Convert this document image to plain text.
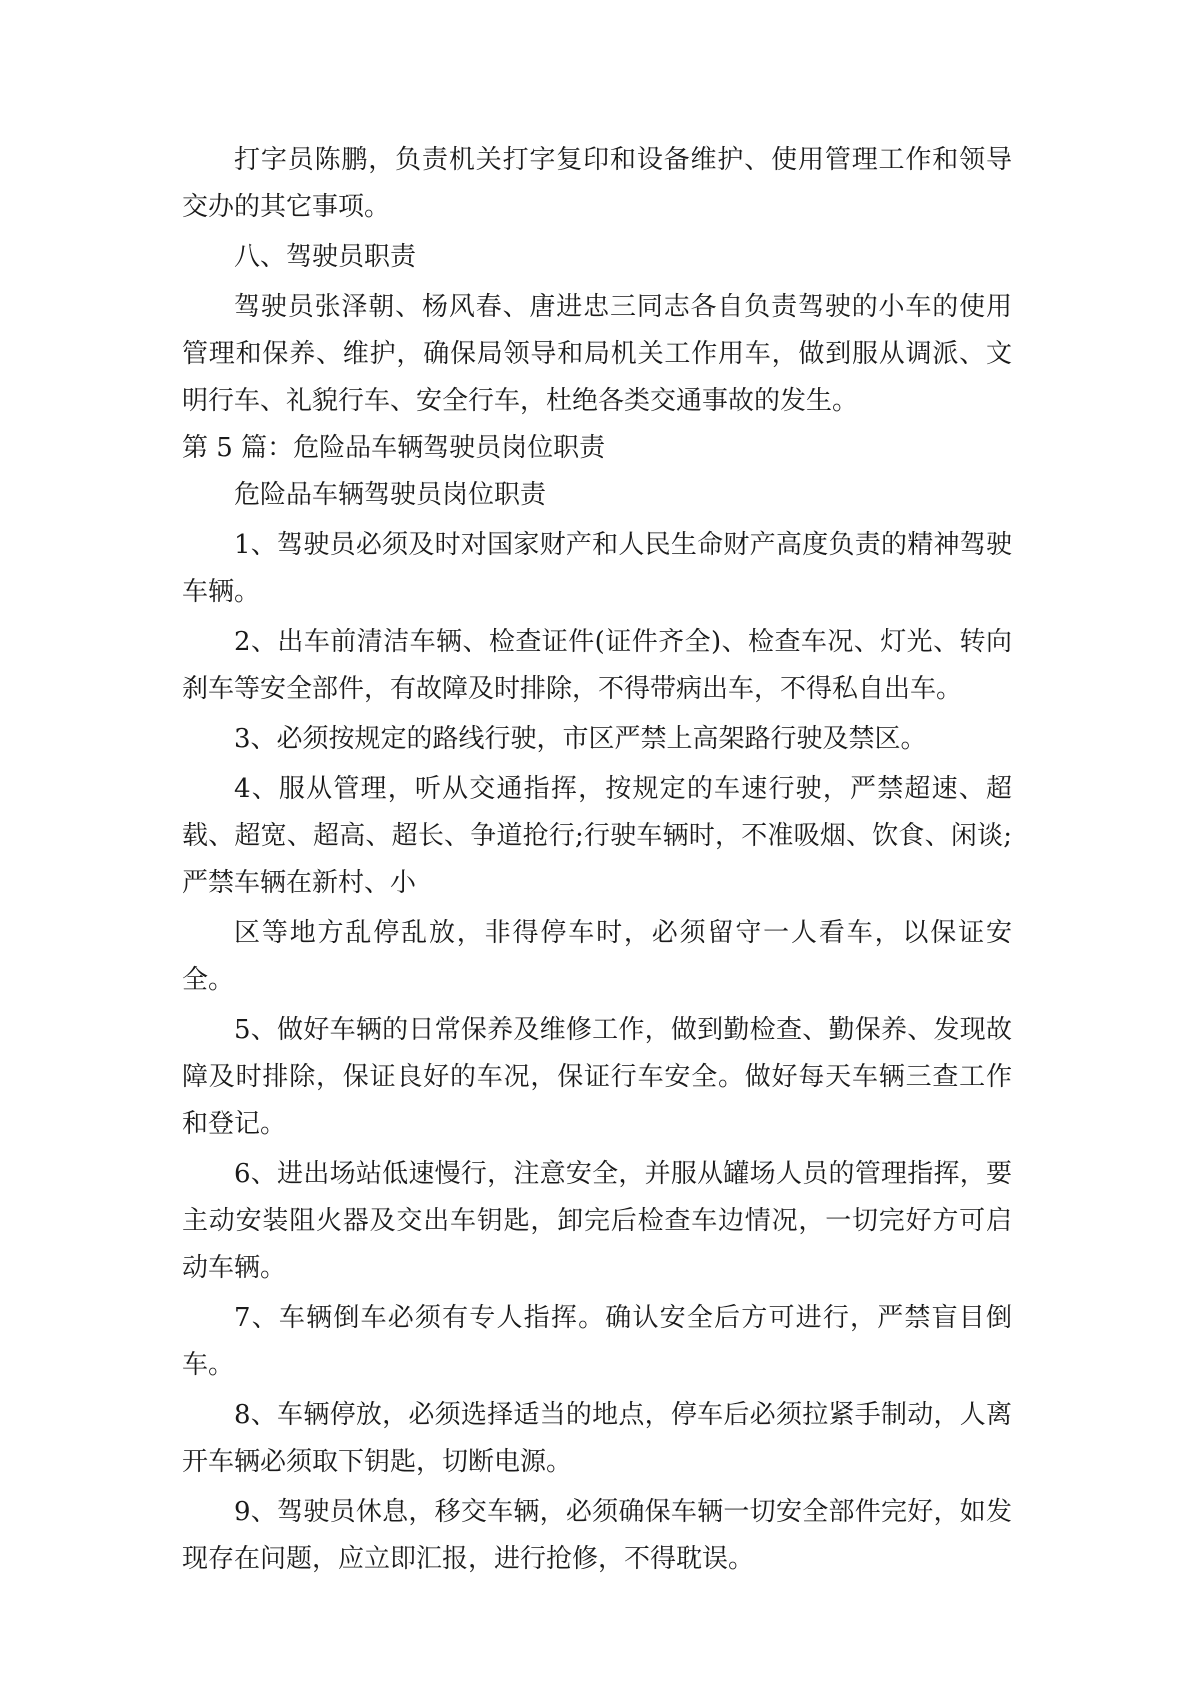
打字员陈鹏，负责机关打字复印和设备维护、使用管理工作和领导交办的其它事项。

八、驾驶员职责

驾驶员张泽朝、杨风春、唐进忠三同志各自负责驾驶的小车的使用管理和保养、维护，确保局领导和局机关工作用车，做到服从调派、文明行车、礼貌行车、安全行车，杜绝各类交通事故的发生。

第 5 篇：危险品车辆驾驶员岗位职责

危险品车辆驾驶员岗位职责

1、驾驶员必须及时对国家财产和人民生命财产高度负责的精神驾驶车辆。

2、出车前清洁车辆、检查证件(证件齐全)、检查车况、灯光、转向刹车等安全部件，有故障及时排除，不得带病出车，不得私自出车。

3、必须按规定的路线行驶，市区严禁上高架路行驶及禁区。

4、服从管理，听从交通指挥，按规定的车速行驶，严禁超速、超载、超宽、超高、超长、争道抢行;行驶车辆时，不准吸烟、饮食、闲谈;严禁车辆在新村、小

区等地方乱停乱放，非得停车时，必须留守一人看车，以保证安全。

5、做好车辆的日常保养及维修工作，做到勤检查、勤保养、发现故障及时排除，保证良好的车况，保证行车安全。做好每天车辆三查工作和登记。

6、进出场站低速慢行，注意安全，并服从罐场人员的管理指挥，要主动安装阻火器及交出车钥匙，卸完后检查车边情况，一切完好方可启动车辆。

7、车辆倒车必须有专人指挥。确认安全后方可进行，严禁盲目倒车。

8、车辆停放，必须选择适当的地点，停车后必须拉紧手制动，人离开车辆必须取下钥匙，切断电源。

9、驾驶员休息，移交车辆，必须确保车辆一切安全部件完好，如发现存在问题，应立即汇报，进行抢修，不得耽误。
